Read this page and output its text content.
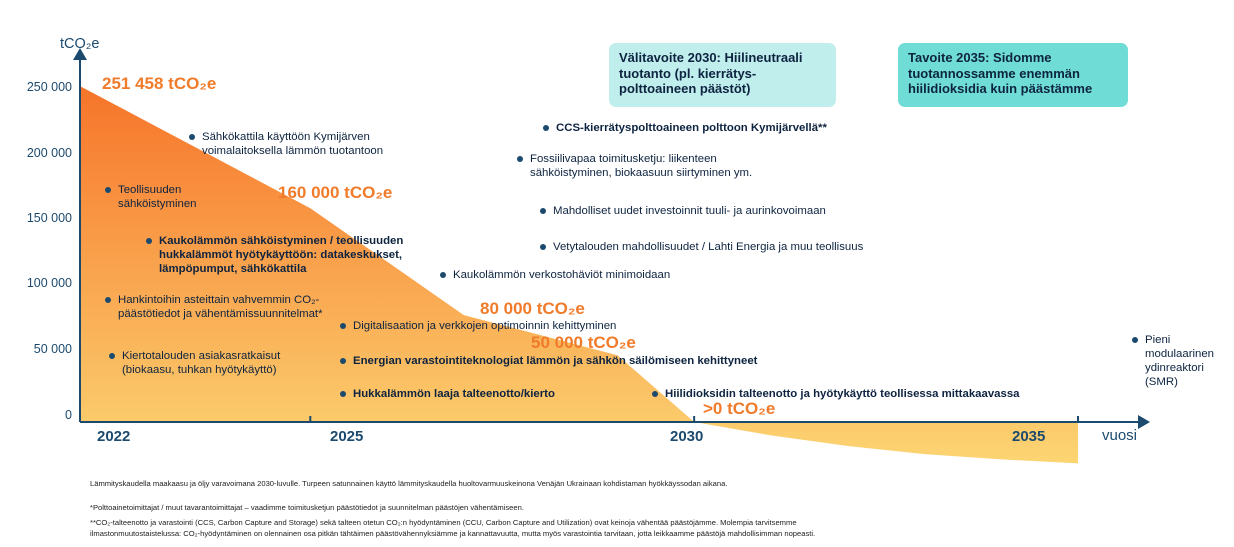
tCO₂e
vuosi
250 000
200 000
150 000
100 000
50 000
0
2022	2025	2030	2035
251 458 tCO₂e
160 000 tCO₂e
80 000 tCO₂e
50 000 tCO₂e
>0 tCO₂e
Välitavoite 2030: Hiilineutraali tuotanto (pl. kierrätys-polttoaineen päästöt)
Tavoite 2035: Sidomme tuotannossamme enemmän hiilidioksidia kuin päästämme
Sähkökattila käyttöön Kymijärven voimalaitoksella lämmön tuotantoon
Teollisuuden sähköistyminen
Kaukolämmön sähköistyminen / teollisuuden hukkalämmöt hyötykäyttöön: datakeskukset, lämpöpumput, sähkökattila
Hankintoihin asteittain vahvemmin CO₂-päästötiedot ja vähentämissuunnitelmat*
Kiertotalouden asiakasratkaisut (biokaasu, tuhkan hyötykäyttö)
Digitalisaation ja verkkojen optimoinnin kehittyminen
Energian varastointiteknologiat lämmön ja sähkön säilömiseen kehittyneet
Hukkalämmön laaja talteenotto/kierto
Kaukolämmön verkostohäviöt minimoidaan
CCS-kierrätyspolttoaineen polttoon Kymijärvellä**
Fossiilivapaa toimitusketju: liikenteen sähköistyminen, biokaasuun siirtyminen ym.
Mahdolliset uudet investoinnit tuuli- ja aurinkovoimaan
Vetytalouden mahdollisuudet / Lahti Energia ja muu teollisuus
Hiilidioksidin talteenotto ja hyötykäyttö teollisessa mittakaavassa
Pieni modulaarinen ydinreaktori (SMR)
Lämmityskaudella maakaasu ja öljy varavoimana 2030-luvulle. Turpeen satunnainen käyttö lämmityskaudella huoltovarmuuskeinona Venäjän Ukrainaan kohdistaman hyökkäyssodan aikana.
*Polttoainetoimittajat / muut tavarantoimittajat – vaadimme toimitusketjun päästötiedot ja suunnitelman päästöjen vähentämiseen.
**CO₂-talteenotto ja varastointi (CCS, Carbon Capture and Storage) sekä talteen otetun CO₂:n hyödyntäminen (CCU, Carbon Capture and Utilization) ovat keinoja vähentää päästöjämme. Molempia tarvitsemme
ilmastonmuutostaistelussa: CO₂-hyödyntäminen on olennainen osa pitkän tähtäimen päästövähennyksiämme ja kannattavuutta, mutta myös varastointia tarvitaan, jotta leikkaamme päästöjä mahdollisimman nopeasti.
